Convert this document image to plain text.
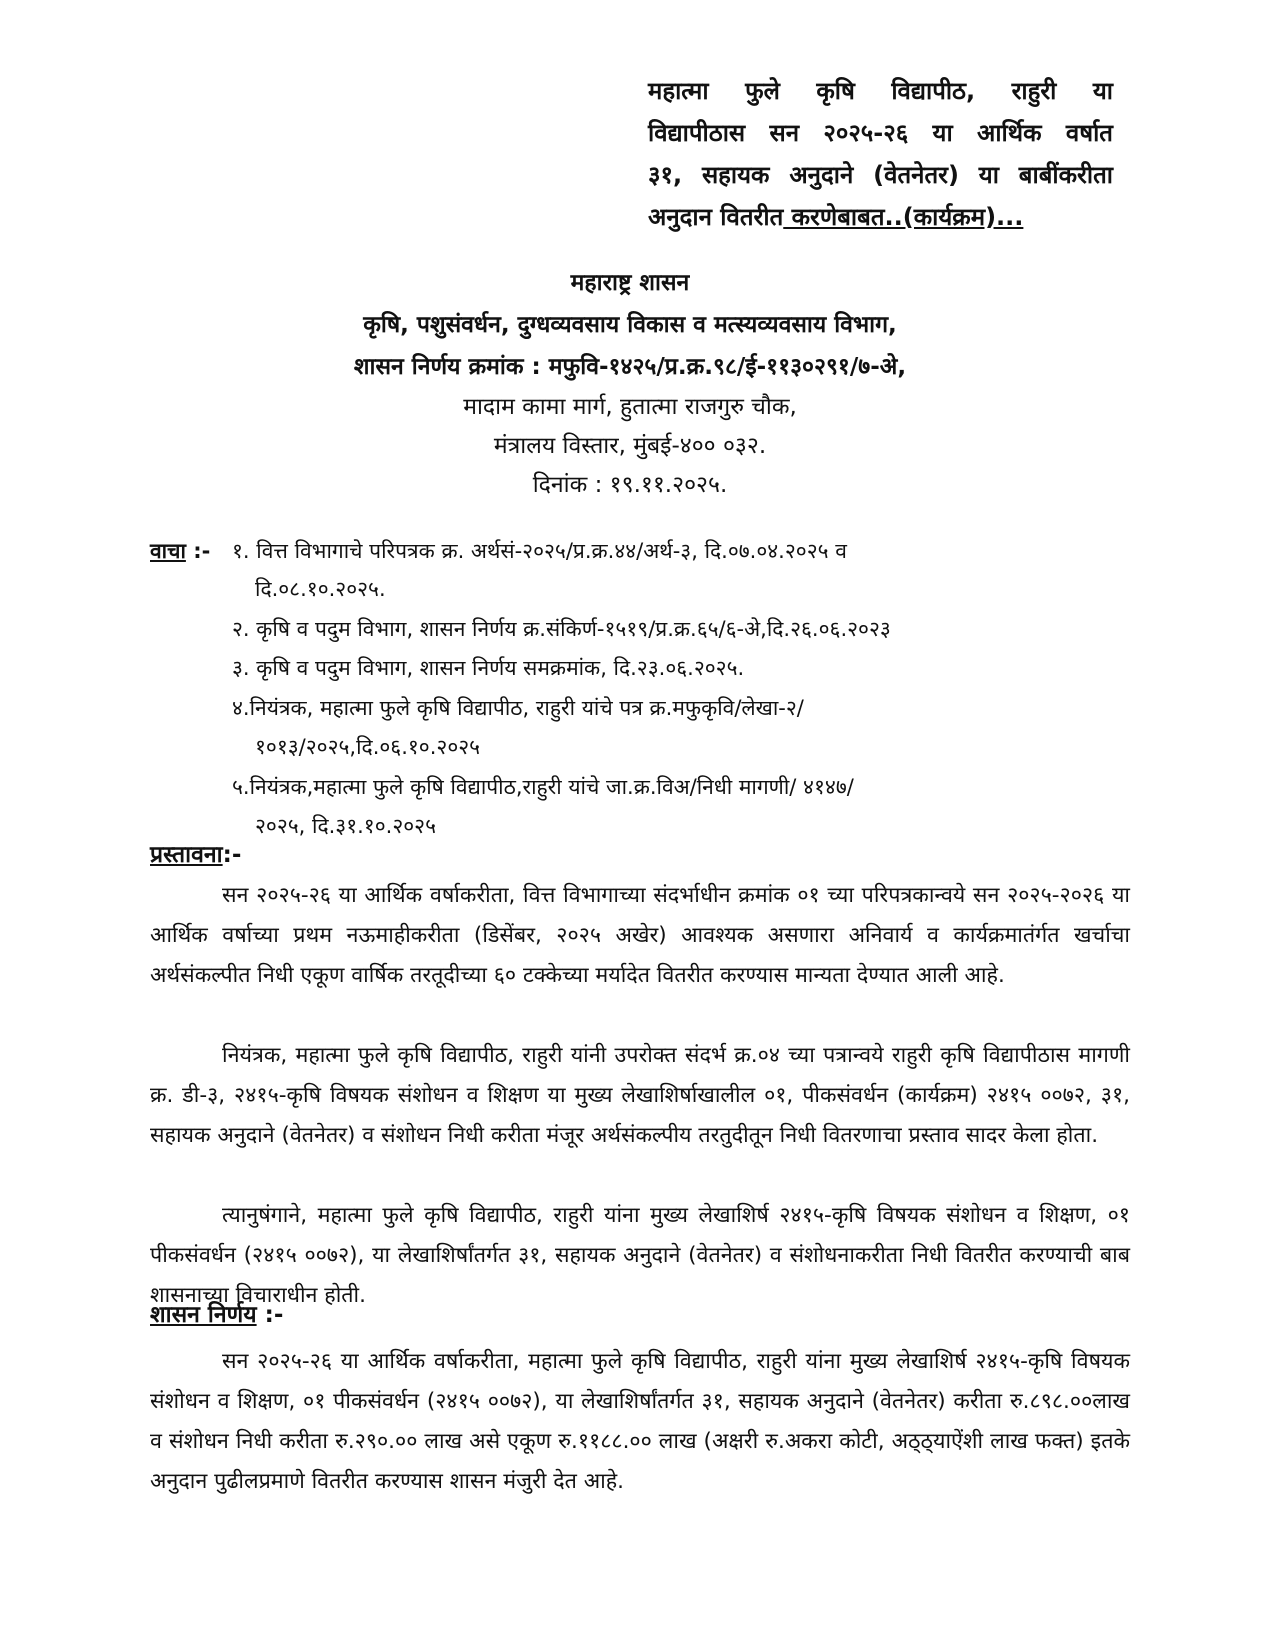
महात्मा फुले कृषि विद्यापीठ, राहुरी या
विद्यापीठास सन २०२५-२६ या आर्थिक वर्षात
३१, सहायक अनुदाने (वेतनेतर) या बाबींकरीता
अनुदान वितरीत करणेबाबत..(कार्यक्रम)...
महाराष्ट्र शासन
कृषि, पशुसंवर्धन, दुग्धव्यवसाय विकास व मत्स्यव्यवसाय विभाग,
शासन निर्णय क्रमांक : मफुवि-१४२५/प्र.क्र.९८/ई-११३०२९१/७-अे,
मादाम कामा मार्ग, हुतात्मा राजगुरु चौक,
मंत्रालय विस्तार, मुंबई-४०० ०३२.
दिनांक : १९.११.२०२५.
वाचा :- १. वित्त विभागाचे परिपत्रक क्र. अर्थसं-२०२५/प्र.क्र.४४/अर्थ-३, दि.०७.०४.२०२५ व
दि.०८.१०.२०२५.
२. कृषि व पदुम विभाग, शासन निर्णय क्र.संकिर्ण-१५१९/प्र.क्र.६५/६-अे,दि.२६.०६.२०२३
३. कृषि व पदुम विभाग, शासन निर्णय समक्रमांक, दि.२३.०६.२०२५.
४.नियंत्रक, महात्मा फुले कृषि विद्यापीठ, राहुरी यांचे पत्र क्र.मफुकृवि/लेखा-२/
१०१३/२०२५,दि.०६.१०.२०२५
५.नियंत्रक,महात्मा फुले कृषि विद्यापीठ,राहुरी यांचे जा.क्र.विअ/निधी मागणी/ ४१४७/
२०२५, दि.३१.१०.२०२५
प्रस्तावना:-

सन २०२५-२६ या आर्थिक वर्षाकरीता, वित्त विभागाच्या संदर्भाधीन क्रमांक ०१ च्या परिपत्रकान्वये सन २०२५-२०२६ या आर्थिक वर्षाच्या प्रथम नऊमाहीकरीता (डिसेंबर, २०२५ अखेर) आवश्यक असणारा अनिवार्य व कार्यक्रमातंर्गत खर्चाचा अर्थसंकल्पीत निधी एकूण वार्षिक तरतूदीच्या ६० टक्केच्या मर्यादेत वितरीत करण्यास मान्यता देण्यात आली आहे.

नियंत्रक, महात्मा फुले कृषि विद्यापीठ, राहुरी यांनी उपरोक्त संदर्भ क्र.०४ च्या पत्रान्वये राहुरी कृषि विद्यापीठास मागणी क्र. डी-३, २४१५-कृषि विषयक संशोधन व शिक्षण या मुख्य लेखाशिर्षाखालील ०१, पीकसंवर्धन (कार्यक्रम) २४१५ ००७२, ३१, सहायक अनुदाने (वेतनेतर) व संशोधन निधी करीता मंजूर अर्थसंकल्पीय तरतुदीतून निधी वितरणाचा प्रस्ताव सादर केला होता.

त्यानुषंगाने, महात्मा फुले कृषि विद्यापीठ, राहुरी यांना मुख्य लेखाशिर्ष २४१५-कृषि विषयक संशोधन व शिक्षण, ०१ पीकसंवर्धन (२४१५ ००७२), या लेखाशिर्षांतर्गत ३१, सहायक अनुदाने (वेतनेतर) व संशोधनाकरीता निधी वितरीत करण्याची बाब शासनाच्या विचाराधीन होती.

शासन निर्णय :-

सन २०२५-२६ या आर्थिक वर्षाकरीता, महात्मा फुले कृषि विद्यापीठ, राहुरी यांना मुख्य लेखाशिर्ष २४१५-कृषि विषयक संशोधन व शिक्षण, ०१ पीकसंवर्धन (२४१५ ००७२), या लेखाशिर्षांतर्गत ३१, सहायक अनुदाने (वेतनेतर) करीता रु.८९८.००लाख व संशोधन निधी करीता रु.२९०.०० लाख असे एकूण रु.११८८.०० लाख (अक्षरी रु.अकरा कोटी, अठ्ठ्याऐंशी लाख फक्त) इतके अनुदान पुढीलप्रमाणे वितरीत करण्यास शासन मंजुरी देत आहे.
